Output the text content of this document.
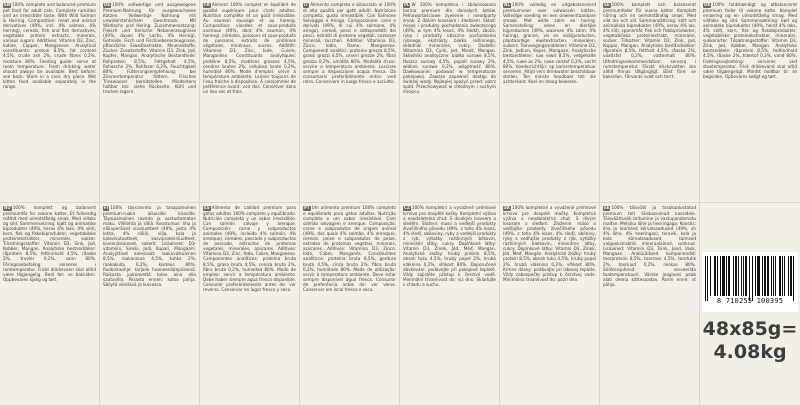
EN 100% complete and balanced premium pet food for adult cats. Complete nutrition and an irresistible taste. With Wild Salmon & Herring. Composition: meat and animal derivatives (49%, incl. 4% salmon, 4% herring), cereals, fish and fish derivatives, vegetable protein extracts, minerals, various sugars. Additives: Vitamin D3, Zinc, Iodine, Copper, Manganese. Analytical constituents: protein 8.5%, fat content 4.5%, crude ash 2%, crude fibres 0.2%, moisture 80%. Feeding guide: serve at room temperature. Fresh drinking water should always be available. Best before: see back. Store in a cool, dry place. Wet kitten food available separately in the range.
DE 100% vollwertige und ausgewogene Premium-Nahrung für ausgewachsene Katzen. Vollwertige Nahrung mit unwiderstehlichem Geschmack. Mit Wildlachs und Hering. Zusammensetzung: Fleisch und tierische Nebenerzeugnisse (49%, davon 4% Lachs, 4% Hering), Getreide, Fisch und Fischnebenerzeugnisse, pflanzliche Eiweißextrakte, Mineralstoffe, Zucker. Zusatzstoffe: Vitamin D3, Zink, Jod, Kupfer, Mangan. Analytische Bestandteile: Rohprotein 8,5%, Fettgehalt 4,5%, Rohasche 2%, Rohfaser 0,2%, Feuchtigkeit 80%. Fütterungsempfehlung: bei Zimmertemperatur füttern. Frisches Trinkwasser bereitstellen. Mindestens haltbar bis: siehe Rückseite. Kühl und trocken lagern.
FR Aliment 100% complet et équilibré de qualité supérieure pour chats adultes. Nutrition complète et un goût irrésistible. Au saumon sauvage et au hareng. Composition: viandes et sous-produits animaux (49%, dont 4% saumon, 4% hareng), céréales, poissons et sous-produits de poissons, extraits de protéines végétales, minéraux, sucres. Additifs: Vitamine D3, Zinc, Iode, Cuivre, Manganèse. Constituants analytiques: protéine 8,5%, matières grasses 4,5%, cendres brutes 2%, cellulose brute 0,2%, humidité 80%. Mode d'emploi: servir à température ambiante. Laisser toujours de l'eau fraîche à disposition. À consommer de préférence avant: voir dos. Conserver dans un lieu sec et frais.
IT Alimento completo e bilanciato al 100% di alta qualità per gatti adulti. Nutrizione completa, gusto irresistibile. Con Salmone Selvaggio e Aringa. Composizione: carni e derivati (49%, di cui 4% salmone, 4% aringa), cereali, pesci e sottoprodotti dei pesci, estratti di proteine vegetali, sostanze minerali, zuccheri. Additivi: Vitamina D3, Zinco, Iodio, Rame, Manganese. Componenti analitici: proteina grezza 8,5%, grassi grezzi 4,5%, ceneri grezze 2%, fibra grezza 0,2%, umidità 80%. Modalità d'uso: servire a temperatura ambiente. Lasciare sempre a disposizione acqua fresca. Da consumarsi preferibilmente entro: vedi retro. Conservare in luogo fresco e asciutto.
PL W 100% kompletna i zbilansowana karma premium dla dorosłych kotów. Pełnowartościowe żywienie i nieodparty smak. Z dzikim łososiem i śledziem. Skład: mięso i produkty pochodzenia zwierzęcego (49%, w tym 4% łosoś, 4% śledź), zboża, ryby i produkty uboczne pochodzenia rybnego, ekstrakty białka roślinnego, składniki mineralne, cukry. Dodatki: Witamina D3, Cynk, Jod, Miedź, Mangan. Składniki analityczne: białko surowe 8,5%, tłuszcz surowy 4,5%, popiół surowy 2%, włókno surowe 0,2%, wilgotność 80%. Dawkowanie: podawać w temperaturze pokojowej. Zawsze zapewnić dostęp do świeżej wody. Najlepiej spożyć przed: patrz spód. Przechowywać w chłodnym i suchym miejscu.
NL 100% volledig en uitgebalanceerd premiumvoer voor volwassen katten. Volledige voeding en een onweerstaanbare smaak. Met wilde zalm en haring. Samenstelling: vlees en dierlijke bijproducten (49%, waarvan 4% zalm, 4% haring), granen, vis en visbijproducten, plantaardige eiwitextracten, mineralen, suikers. Toevoegingsmiddelen: Vitamine D3, Zink, Jodium, Koper, Mangaan. Analytische bestanddelen: ruw eiwit 8,5%, vetgehalte 4,5%, ruwe as 2%, ruwe celstof 0,2%, vocht 80%. Voederrichtlijn: op kamertemperatuur serveren. Altijd vers drinkwater beschikbaar stellen. Ten minste houdbaar tot: zie achterkant. Koel en droog bewaren.
SE 100% komplett och balanserat premiumfoder för vuxna katter. Komplett näring och en oemotståndlig smak. Med vild lax och sill. Sammansättning: kött och animaliska biprodukter (49%, varav 4% lax, 4% sill), spannmål, fisk och fiskbiprodukter, vegetabiliska proteinextrakt, mineraler, socker. Tillsatser: Vitamin D3, Zink, Jod, Koppar, Mangan. Analytiska beståndsdelar: råprotein 8,5%, fetthalt 4,5%, råaska 2%, växttråd 0,2%, vattenhalt 80%. Utfodringsrekommendation: servera i rumstemperatur. Färskt dricksvatten ska alltid finnas tillgängligt. Bäst före: se baksidan. Förvaras svalt och torrt.
DK 100% fuldstændigt og afbalanceret premium foder til voksne katte. Komplet ernæring og en uimodståelig smag. Med vildlaks og sild. Sammensætning: kød og animalske biprodukter (49%, heraf 4% laks, 4% sild), korn, fisk og fiskebiprodukter, vegetabilske proteinekstrakter, mineraler, sukkerarter. Tilsætningsstoffer: Vitamin D3, Zink, Jod, Kobber, Mangan. Analytiske bestanddele: råprotein 8,5%, fedtindhold 4,5%, råaske 2%, træstof 0,2%, vand 80%. Fodringsvejledning: serveres ved stuetemperatur. Frisk drikkevand skal altid være tilgængeligt. Mindst holdbar til: se bagsiden. Opbevares køligt og tørt.
NO 100% komplett og balansert premiumfôr for voksne katter. Et fullverdig måltid med uimotståelig smak. Med villaks og sild. Sammensetning: kjøtt og animalske biprodukter (49%, herav 4% laks, 4% sild), korn, fisk og fiskebiprodukter, vegetabilske proteinekstrakter, mineraler, sukker. Tilsetningsstoffer: Vitamin D3, Sink, Jod, Kobber, Mangan. Analytiske bestanddeler: råprotein 8,5%, fettinnhold 4,5%, råaske 2%, trevler 0,2%, vann 80%. Fôringsanbefaling: serveres i romtemperatur. Friskt drikkevann skal alltid være tilgjengelig. Best før: se baksiden. Oppbevares kjølig og tørt.
FI 100% täysravinto ja tasapainoinen premium-ruoka aikuisille kissoille. Täysipainoinen ravinto ja vastustamaton maku. Villilohta ja silliä. Koostumus: liha ja eläinperäiset sivutuotteet (49%, josta 4% lohta, 4% silliä), vilja, kala ja kalasivutuotteet, kasviproteiiniuutteet, kivennäisaineet, sokerit. Lisäaineet: D3-vitamiini, Sinkki, Jodi, Kupari, Mangaani. Analyyttiset ainesosat: raakavalkuainen 8,5%, raakarasva 4,5%, tuhka 2%, raakakuitu 0,2%, kosteus 80%. Ruokintaohje: tarjoile huoneenlämpöisenä. Raikasta juomavettä tulee aina olla saatavilla. Parasta ennen: katso pohja. Säilytä viileässä ja kuivassa.
ES Alimento de calidad premium para gatos adultos 100% completo y equilibrado. Nutrición completa y un sabor irresistible. Con salmón salvaje y arenque. Composición: carne y subproductos animales (49%, incluido 4% salmón, 4% arenque), cereales, pescado y subproductos de pescado, extractos de proteínas vegetales, minerales, azúcares. Aditivos: Vitamina D3, Zinc, Yodo, Cobre, Manganeso. Componentes analíticos: proteína bruta 8,5%, grasa bruta 4,5%, ceniza bruta 2%, fibra bruta 0,2%, humedad 80%. Modo de empleo: servir a temperatura ambiente. Debe haber siempre agua fresca disponible. Consumir preferentemente antes de: ver reverso. Conservar en lugar fresco y seco.
PT Um alimento premium 100% completo e equilibrado para gatos adultos. Nutrição completa e um sabor irresistível. Com salmão selvagem e arenque. Composição: carne e subprodutos de origem animal (49%, dos quais 4% salmão, 4% arenque), cereais, peixe e subprodutos de peixe, extratos de proteínas vegetais, minerais, açúcares. Aditivos: Vitamina D3, Zinco, Iodo, Cobre, Manganês. Constituintes analíticos: proteína bruta 8,5%, gordura bruta 4,5%, cinza bruta 2%, fibra bruta 0,2%, humidade 80%. Modo de utilização: servir à temperatura ambiente. Deve estar sempre disponível água fresca. Consumir de preferência antes de: ver verso. Conservar em local fresco e seco.
CZ 100% kompletní a vyvážené prémiové krmivo pro dospělé kočky. Kompletní výživa a neodolatelná chuť. S divokým lososem a sleděm. Složení: maso a vedlejší produkty živočišného původu (49%, z toho 4% losos, 4% sleď), obiloviny, ryby a vedlejší produkty z ryb, výtažky rostlinných bílkovin, minerální látky, cukry. Doplňkové látky: Vitamín D3, Zinek, Jód, Měď, Mangan. Analytické složky: hrubý protein 8,5%, obsah tuku 4,5%, hrubý popel 2%, hrubá vláknina 0,2%, vlhkost 80%. Doporučené dávkování: podávejte při pokojové teplotě. Vždy zajistěte přístup k čerstvé vodě. Minimální trvanlivost do: viz dno. Skladujte v chladu a suchu.
SK 100% kompletné a vyvážené prémiové krmivo pre dospelé mačky. Kompletná výživa a neodolateľná chuť. S divým lososom a sleďom. Zloženie: mäso a vedľajšie produkty živočíšneho pôvodu (49%, z toho 4% losos, 4% sleď), obilniny, ryby a vedľajšie produkty z rýb, výťažky rastlinných bielkovín, minerálne látky, cukry. Doplnkové látky: Vitamín D3, Zinok, Jód, Meď, Mangán. Analytické zložky: hrubý proteín 8,5%, obsah tuku 4,5%, hrubý popol 2%, hrubá vláknina 0,2%, vlhkosť 80%. Kŕmne dávky: podávajte pri izbovej teplote. Vždy zabezpečte prístup k čerstvej vode. Minimálna trvanlivosť do: pozri dno.
EE 100% täissööt ja tasakaalustatud premium toit täiskasvanud kassidele. Täisväärtuslik toitumine ja vastupandamatu maitse. Metsiku lõhe ja heeringaga. Koostis: liha ja loomsed kõrvalsaadused (49%, sh 4% lõhe, 4% heeringas), teravili, kala ja kala kõrvalsaadused, taimsed valguekstraktid, mineraalained, suhkrud. Lisaained: Vitamiin D3, Tsink, Jood, Vask, Mangaan. Analüütilised komponendid: toorproteiin 8,5%, toorrasv 4,5%, toortuhk 2%, toorkiud 0,2%, niiskus 80%. Söötmisjuhend: serveerida toatemperatuuril. Värske joogivesi peab alati olema kättesaadav. Parim enne: vt põhja.
8 710255 100395
48x85g=
4.08kg
